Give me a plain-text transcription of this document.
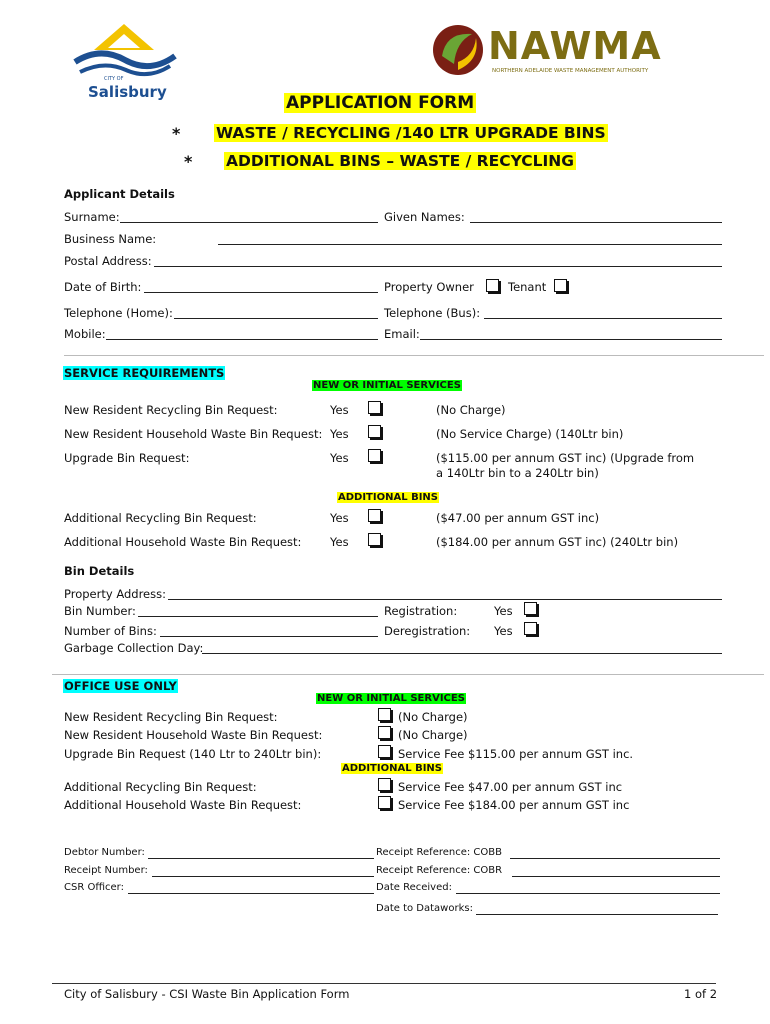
CITY OF
Salisbury
NAWMA
NORTHERN ADELAIDE WASTE MANAGEMENT AUTHORITY
APPLICATION FORM
* WASTE / RECYCLING /140 LTR UPGRADE BINS
* ADDITIONAL BINS – WASTE / RECYCLING
Applicant Details
Surname:	Given Names:
Business Name:
Postal Address:
Date of Birth:	Property Owner	Tenant
Telephone (Home):	Telephone (Bus):
Mobile:	Email:
SERVICE REQUIREMENTS
NEW OR INITIAL SERVICES
New Resident Recycling Bin Request:	Yes	(No Charge)
New Resident Household Waste Bin Request: Yes	(No Service Charge) (140Ltr bin)
Upgrade Bin Request:	Yes	($115.00 per annum GST inc) (Upgrade from
a 140Ltr bin to a 240Ltr bin)
ADDITIONAL BINS
Additional Recycling Bin Request:	Yes	($47.00 per annum GST inc)
Additional Household Waste Bin Request: Yes	($184.00 per annum GST inc) (240Ltr bin)
Bin Details
Property Address:
Bin Number:	Registration:	Yes
Number of Bins:	Deregistration: Yes
Garbage Collection Day:
OFFICE USE ONLY
NEW OR INITIAL SERVICES
New Resident Recycling Bin Request:	(No Charge)
New Resident Household Waste Bin Request:	(No Charge)
Upgrade Bin Request (140 Ltr to 240Ltr bin):	Service Fee $115.00 per annum GST inc.
ADDITIONAL BINS
Additional Recycling Bin Request:	Service Fee $47.00 per annum GST inc
Additional Household Waste Bin Request:	Service Fee $184.00 per annum GST inc
Debtor Number:	Receipt Reference: COBB
Receipt Number:	Receipt Reference: COBR
CSR Officer:	Date Received:
Date to Dataworks:
City of Salisbury - CSI Waste Bin Application Form	1 of 2
